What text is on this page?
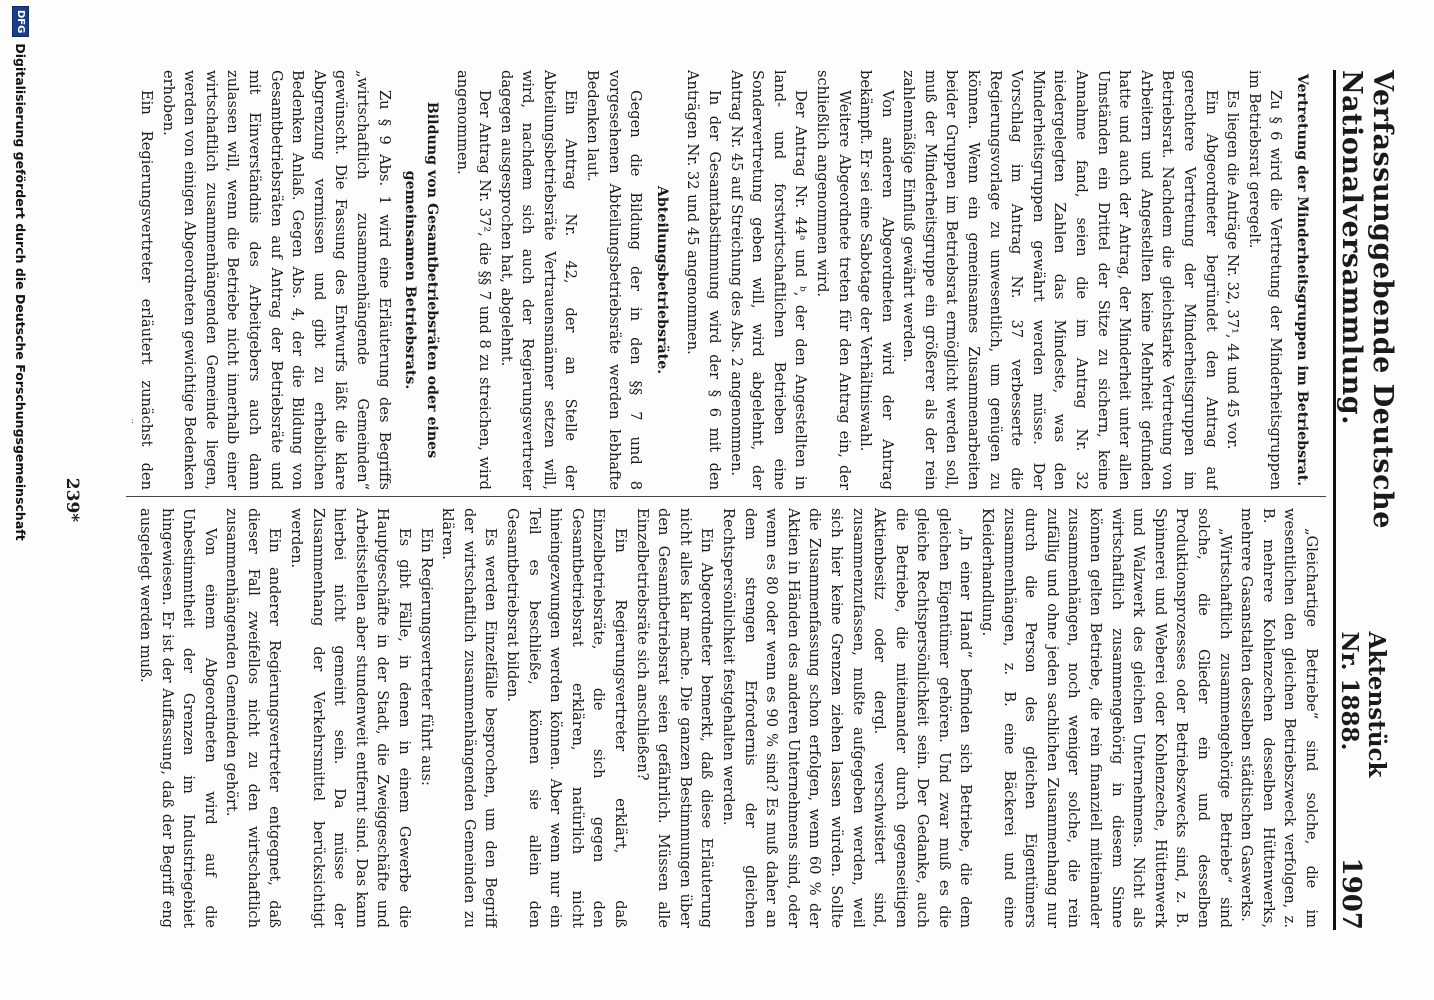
Verfassunggebende Deutsche Nationalversammlung.
Aktenstück Nr. 1888.
1907
Vertretung der Minderheitsgruppen im Betriebsrat.

Zu § 6 wird die Vertretung der Minderheitsgruppen im Betriebsrat geregelt.

Es liegen die Anträge Nr. 32, 37¹, 44 und 45 vor.

Ein Abgeordneter begründet den Antrag auf gerechtere Vertretung der Minderheitsgruppen im Betriebsrat. Nachdem die gleichstarke Vertretung von Arbeitern und Angestellten keine Mehrheit gefunden hatte und auch der Antrag, der Minderheit unter allen Umständen ein Drittel der Sitze zu sichern, keine Annahme fand, seien die im Antrag Nr. 32 niedergelegten Zahlen das Mindeste, was den Minderheitsgruppen gewährt werden müsse. Der Vorschlag im Antrag Nr. 37 verbesserte die Regierungsvorlage zu unwesentlich, um genügen zu können. Wenn ein gemeinsames Zusammenarbeiten beider Gruppen im Betriebsrat ermöglicht werden soll, muß der Minderheitsgruppe ein größerer als der rein zahlenmäßige Einfluß gewährt werden.

Von anderen Abgeordneten wird der Antrag bekämpft. Er sei eine Sabotage der Verhältniswahl.

Weitere Abgeordnete treten für den Antrag ein, der schließlich angenommen wird.

Der Antrag Nr. 44ᵃ und ᵇ, der den Angestellten in land- und forstwirtschaftlichen Betrieben eine Sondervertretung geben will, wird abgelehnt, der Antrag Nr. 45 auf Streichung des Abs. 2 angenommen.

In der Gesamtabstimmung wird der § 6 mit den Anträgen Nr. 32 und 45 angenommen.

Abteilungsbetriebsräte.

Gegen die Bildung der in den §§ 7 und 8 vorgesehenen Abteilungsbetriebsräte werden lebhafte Bedenken laut.

Ein Antrag Nr. 42, der an Stelle der Abteilungsbetriebsräte Vertrauensmänner setzen will, wird, nachdem sich auch der Regierungsvertreter dagegen ausgesprochen hat, abgelehnt.

Der Antrag Nr. 37², die §§ 7 und 8 zu streichen, wird angenommen.

Bildung von Gesamtbetriebsräten oder eines gemeinsamen Betriebsrats.

Zu § 9 Abs. 1 wird eine Erläuterung des Begriffs „wirtschaftlich zusammenhängende Gemeinden“ gewünscht. Die Fassung des Entwurfs läßt die klare Abgrenzung vermissen und gibt zu erheblichen Bedenken Anlaß. Gegen Abs. 4, der die Bildung von Gesamtbetriebsräten auf Antrag der Betriebsräte und mit Einverständnis des Arbeitgebers auch dann zulassen will, wenn die Betriebe nicht innerhalb einer wirtschaftlich zusammenhängenden Gemeinde liegen, werden von einigen Abgeordneten gewichtige Bedenken erhoben.

Ein Regierungsvertreter erläutert zunächst den

„Gleichartige Betriebe“ sind solche, die im wesentlichen den gleichen Betriebszweck verfolgen, z. B. mehrere Kohlenzechen desselben Hüttenwerks, mehrere Gasanstalten desselben städtischen Gaswerks.

„Wirtschaftlich zusammengehörige Betriebe“ sind solche, die Glieder ein und desselben Produktionsprozesses oder Betriebszwecks sind, z. B. Spinnerei und Weberei oder Kohlenzeche, Hüttenwerk und Walzwerk des gleichen Unternehmens. Nicht als wirtschaftlich zusammengehörig in diesem Sinne können gelten Betriebe, die rein finanziell miteinander zusammenhängen, noch weniger solche, die rein zufällig und ohne jeden sachlichen Zusammenhang nur durch die Person des gleichen Eigentümers zusammenhängen, z. B. eine Bäckerei und eine Kleiderhandlung.

„In einer Hand“ befinden sich Betriebe, die dem gleichen Eigentümer gehören. Und zwar muß es die gleiche Rechtspersönlichkeit sein. Der Gedanke, auch die Betriebe, die miteinander durch gegenseitigen Aktienbesitz oder dergl. verschwistert sind, zusammenzufassen, mußte aufgegeben werden, weil sich hier keine Grenzen ziehen lassen würden. Sollte die Zusammenfassung schon erfolgen, wenn 60 % der Aktien in Händen des anderen Unternehmens sind, oder wenn es 80 oder wenn es 90 % sind? Es muß daher an dem strengen Erfordernis der gleichen Rechtspersönlichkeit festgehalten werden.

Ein Abgeordneter bemerkt, daß diese Erläuterung nicht alles klar mache. Die ganzen Bestimmungen über den Gesamtbetriebsrat seien gefährlich. Müssen alle Einzelbetriebsräte sich anschließen?

Ein Regierungsvertreter erklärt, daß Einzelbetriebsräte, die sich gegen den Gesamtbetriebsrat erklären, natürlich nicht hineingezwungen werden können. Aber wenn nur ein Teil es beschließe, können sie allein den Gesamtbetriebsrat bilden.

Es werden Einzelfälle besprochen, um den Begriff der wirtschaftlich zusammenhängenden Gemeinden zu klären.

Ein Regierungsvertreter führt aus:

Es gibt Fälle, in denen in einem Gewerbe die Hauptgeschäfte in der Stadt, die Zweiggeschäfte und Arbeitsstellen aber stundenweit entfernt sind. Das kann hierbei nicht gemeint sein. Da müsse der Zusammenhang der Verkehrsmittel berücksichtigt werden.

Ein anderer Regierungsvertreter entgegnet, daß dieser Fall zweifellos nicht zu den wirtschaftlich zusammenhängenden Gemeinden gehört.

Von einem Abgeordneten wird auf die Unbestimmtheit der Grenzen im Industriegebiet hingewiesen. Er ist der Auffassung, daß der Begriff eng ausgelegt werden muß.

239*
DFG
Digitalisierung gefördert durch die Deutsche Forschungsgemeinschaft
